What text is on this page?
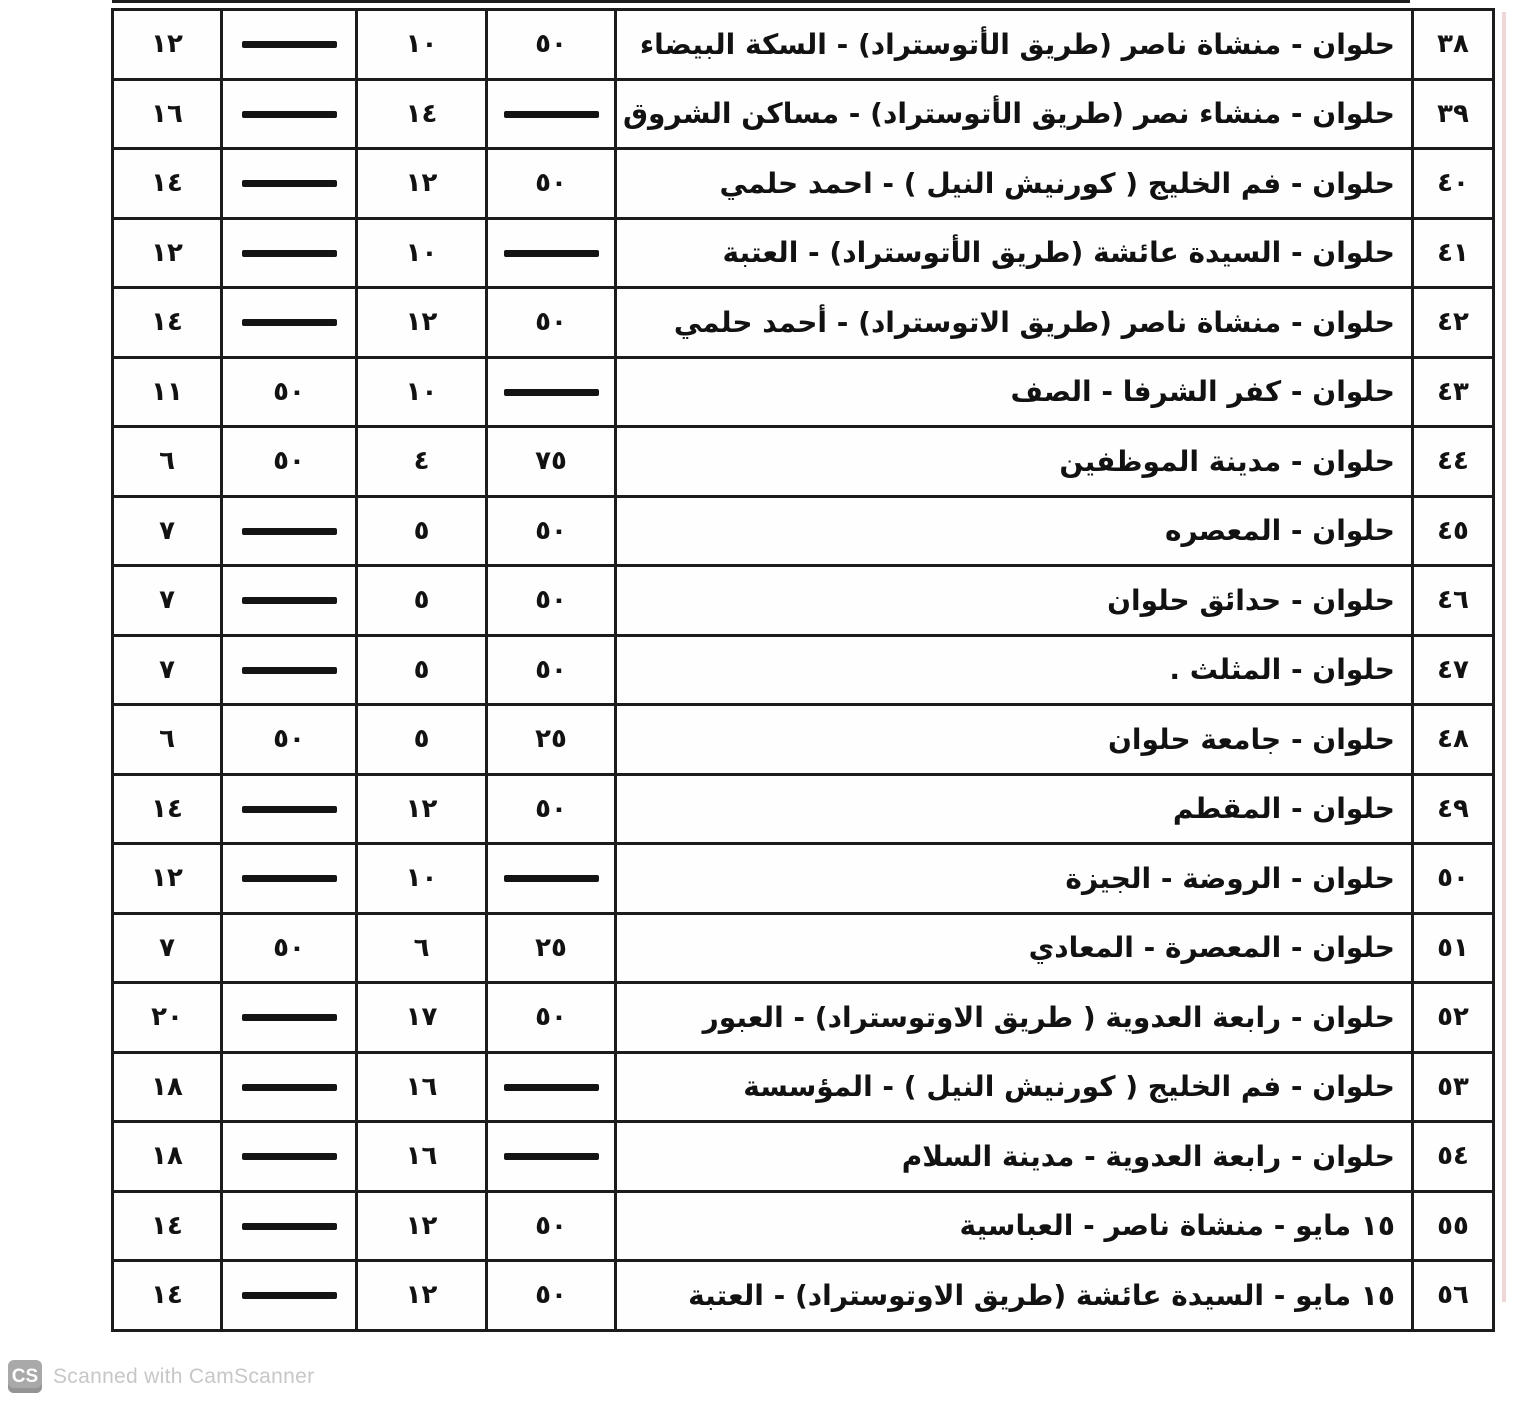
٣٨	حلوان - منشاة ناصر (طريق الأتوستراد) - السكة البيضاء	٥٠	١٠		١٢
٣٩	حلوان - منشاء نصر (طريق الأتوستراد) - مساكن الشروق		١٤		١٦
٤٠	حلوان - فم الخليج ( كورنيش النيل ) - احمد حلمي	٥٠	١٢		١٤
٤١	حلوان - السيدة عائشة (طريق الأتوستراد) - العتبة		١٠		١٢
٤٢	حلوان - منشاة ناصر (طريق الاتوستراد) - أحمد حلمي	٥٠	١٢		١٤
٤٣	حلوان - كفر الشرفا - الصف		١٠	٥٠	١١
٤٤	حلوان - مدينة الموظفين	٧٥	٤	٥٠	٦
٤٥	حلوان - المعصره	٥٠	٥		٧
٤٦	حلوان - حدائق حلوان	٥٠	٥		٧
٤٧	حلوان - المثلث .	٥٠	٥		٧
٤٨	حلوان - جامعة حلوان	٢٥	٥	٥٠	٦
٤٩	حلوان - المقطم	٥٠	١٢		١٤
٥٠	حلوان - الروضة - الجيزة		١٠		١٢
٥١	حلوان - المعصرة - المعادي	٢٥	٦	٥٠	٧
٥٢	حلوان - رابعة العدوية ( طريق الاوتوستراد) - العبور	٥٠	١٧		٢٠
٥٣	حلوان - فم الخليج ( كورنيش النيل ) - المؤسسة		١٦		١٨
٥٤	حلوان - رابعة العدوية - مدينة السلام		١٦		١٨
٥٥	١٥ مايو - منشاة ناصر - العباسية	٥٠	١٢		١٤
٥٦	١٥ مايو - السيدة عائشة (طريق الاوتوستراد) - العتبة	٥٠	١٢		١٤
CS Scanned with CamScanner
